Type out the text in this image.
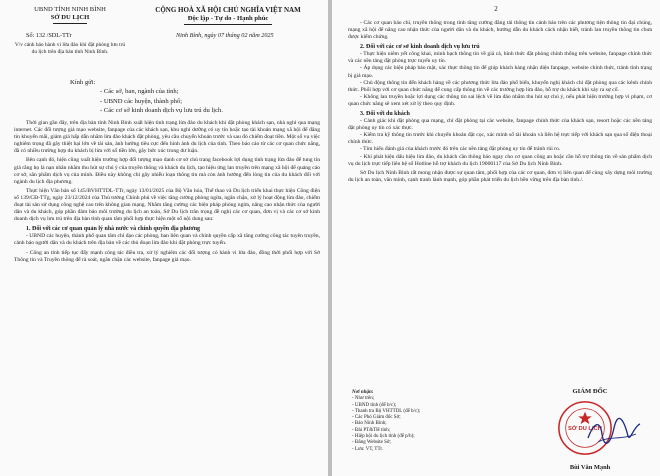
UBND TỈNH NINH BÌNH
SỞ DU LỊCH
CỘNG HOÀ XÃ HỘI CHỦ NGHĨA VIỆT NAM
Độc lập - Tự do - Hạnh phúc
Số: 132 /SDL-TTr
V/v cảnh báo hành vi lừa đảo khi đặt phòng lưu trú du lịch trên địa bàn tỉnh Ninh Bình.
Ninh Bình, ngày 07 tháng 02 năm 2025
Kính gửi:
- Các sở, ban, ngành của tỉnh;
- UBND các huyện, thành phố;
- Các cơ sở kinh doanh dịch vụ lưu trú du lịch.

Thời gian gần đây, trên địa bàn tỉnh Ninh Bình xuất hiện tình trạng lừa đảo du khách khi đặt phòng khách sạn, nhà nghỉ qua mạng internet. Các đối tượng giả mạo website, fanpage của các khách sạn, khu nghỉ dưỡng có uy tín hoặc tạo tài khoản mạng xã hội để đăng tin khuyến mãi, giảm giá hấp dẫn nhằm lừa đảo khách đặt phòng, yêu cầu chuyển khoản trước và sau đó chiếm đoạt tiền. Một số vụ việc nghiêm trọng đã gây thiệt hại lớn về tài sản, ảnh hưởng tiêu cực đến hình ảnh du lịch của tỉnh. Theo báo cáo từ các cơ quan chức năng, đã có nhiều trường hợp du khách bị lừa với số tiền lớn, gây bức xúc trong dư luận.

Bên cạnh đó, hiện cũng xuất hiện trường hợp đối tượng mạo danh cơ sở chủ trang facebook lợi dụng tình trạng lừa đảo để tung tin giả rằng họ là nạn nhân nhằm thu hút sự chú ý của truyền thông và khách du lịch, tạo hiệu ứng lan truyền trên mạng xã hội để quảng cáo cơ sở, săn phẩm dịch vụ của mình. Điều này không chỉ gây nhiễu loạn thông tin mà còn ảnh hưởng đến lòng tin của du khách đối với ngành du lịch địa phương.

Thực hiện Văn bản số 145/BVHTTDL-TTr, ngày 13/01/2025 của Bộ Văn hóa, Thể thao và Du lịch triển khai thực hiện Công điện số 139/CĐ-TTg, ngày 23/12/2024 của Thủ tướng Chính phủ về việc tăng cường phòng ngừa, ngăn chặn, xử lý hoạt động lừa đảo, chiếm đoạt tài sản sử dụng công nghệ cao trên không gian mạng. Nhằm tăng cường các biện pháp phòng ngừa, nâng cao nhận thức của người dân và du khách, góp phần đảm bảo môi trường du lịch an toàn, Sở Du lịch trân trọng đề nghị các cơ quan, đơn vị và các cơ sở kinh doanh dịch vụ lưu trú trên địa bàn tỉnh quan tâm phối hợp thực hiện một số nội dung sau:

1. Đối với các cơ quan quản lý nhà nước và chính quyền địa phương

- UBND các huyện, thành phố quan tâm chỉ đạo các phòng, ban liên quan và chính quyền cấp xã tăng cường công tác tuyên truyền, cảnh báo người dân và du khách trên địa bàn về các thủ đoạn lừa đảo khi đặt phòng trực tuyến.

- Công an tỉnh tiếp tục đẩy mạnh công tác điều tra, xử lý nghiêm các đối tượng có hành vi lừa đảo, đồng thời phối hợp với Sở Thông tin và Truyền thông để rà soát, ngăn chặn các website, fanpage giả mạo.

2

- Các cơ quan báo chí, truyền thông trong tỉnh tăng cường đăng tải thông tin cảnh báo trên các phương tiện thông tin đại chúng, mạng xã hội để nâng cao nhận thức của người dân và du khách, hướng dẫn du khách cách nhận biết, tránh lan truyền thông tin chưa được kiểm chứng.

2. Đối với các cơ sở kinh doanh dịch vụ lưu trú

- Thực hiện niêm yết công khai, minh bạch thông tin về giá cả, hình thức đặt phòng chính thống trên website, fanpage chính thức và các nền tảng đặt phòng trực tuyến uy tín.

- Áp dụng các biện pháp bảo mật, xác thực thông tin để giúp khách hàng nhận diện fanpage, website chính thức, tránh tình trạng bị giả mạo.

- Chủ động thông tin đến khách hàng về các phương thức lừa đảo phổ biến, khuyến nghị khách chỉ đặt phòng qua các kênh chính thức. Phối hợp với cơ quan chức năng để cung cấp thông tin về các trường hợp lừa đảo, hỗ trợ du khách khi xảy ra sự cố.

- Không lan truyền hoặc lợi dụng các thông tin sai lệch về lừa đảo nhằm thu hút sự chú ý, nếu phát hiện trường hợp vi phạm, cơ quan chức năng sẽ xem xét xử lý theo quy định.

3. Đối với du khách

- Cảnh giác khi đặt phòng qua mạng, chỉ đặt phòng tại các website, fanpage chính thức của khách sạn, resort hoặc các nền tảng đặt phòng uy tín có xác thực.

- Kiểm tra kỹ thông tin trước khi chuyển khoản đặt cọc, xác minh số tài khoản và liên hệ trực tiếp với khách sạn qua số điện thoại chính thức.

- Tìm hiểu đánh giá của khách trước đó trên các nền tảng đặt phòng uy tín để tránh rủi ro.

- Khi phát hiện dấu hiệu lừa đảo, du khách cần thông báo ngay cho cơ quan công an hoặc cần hỗ trợ thông tin về sản phẩm dịch vụ du lịch trực tiếp liên hệ số Hotline hỗ trợ khách du lịch 19000117 của Sở Du lịch Ninh Bình.

Sở Du lịch Ninh Bình rất mong nhận được sự quan tâm, phối hợp của các cơ quan, đơn vị liên quan để cùng xây dựng môi trường du lịch an toàn, văn minh, cạnh tranh lành mạnh, góp phần phát triển du lịch bền vững trên địa bàn tỉnh./.

Nơi nhận:
- Như trên;
- UBND tỉnh (để b/c);
- Thanh tra Bộ VHTTDL (để b/c);
- Các Phó Giám đốc Sở;
- Báo Ninh Bình;
- Đài PT&TH tỉnh;
- Hiệp hội du lịch tỉnh (để p/h);
- Đăng Website Sở;
- Lưu: VT, TTr.
GIÁM ĐỐC
SỞ DU LỊCH
Bùi Văn Mạnh
